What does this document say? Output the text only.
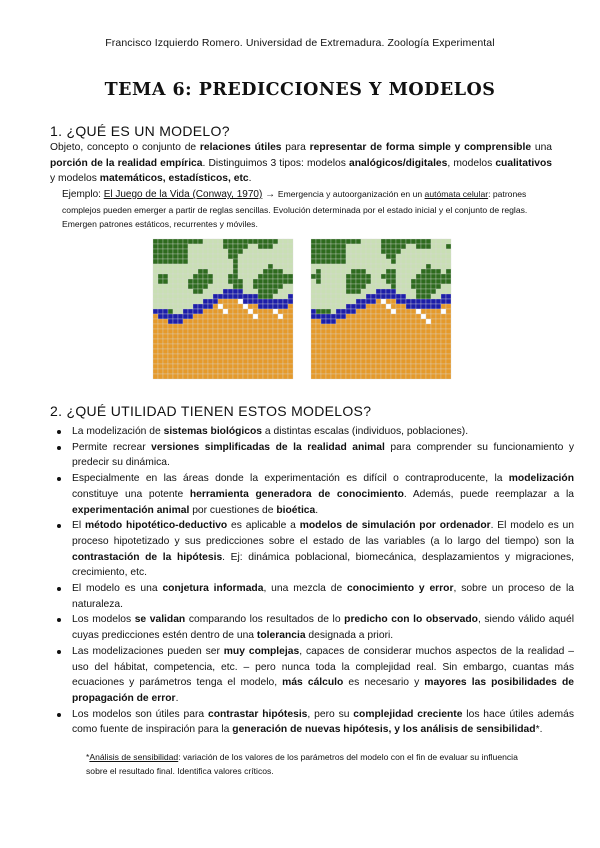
Francisco Izquierdo Romero. Universidad de Extremadura. Zoología Experimental
TEMA 6: PREDICCIONES Y MODELOS
1. ¿QUÉ ES UN MODELO?
Objeto, concepto o conjunto de relaciones útiles para representar de forma simple y comprensible una porción de la realidad empírica. Distinguimos 3 tipos: modelos analógicos/digitales, modelos cualitativos y modelos matemáticos, estadísticos, etc.
Ejemplo: El Juego de la Vida (Conway, 1970) → Emergencia y autoorganización en un autómata celular: patrones complejos pueden emerger a partir de reglas sencillas. Evolución determinada por el estado inicial y el conjunto de reglas. Emergen patrones estáticos, recurrentes y móviles.
2. ¿QUÉ UTILIDAD TIENEN ESTOS MODELOS?
La modelización de sistemas biológicos a distintas escalas (individuos, poblaciones).
Permite recrear versiones simplificadas de la realidad animal para comprender su funcionamiento y predecir su dinámica.
Especialmente en las áreas donde la experimentación es difícil o contraproducente, la modelización constituye una potente herramienta generadora de conocimiento. Además, puede reemplazar a la experimentación animal por cuestiones de bioética.
El método hipotético-deductivo es aplicable a modelos de simulación por ordenador. El modelo es un proceso hipotetizado y sus predicciones sobre el estado de las variables (a lo largo del tiempo) son la contrastación de la hipótesis. Ej: dinámica poblacional, biomecánica, desplazamientos y migraciones, crecimiento, etc.
El modelo es una conjetura informada, una mezcla de conocimiento y error, sobre un proceso de la naturaleza.
Los modelos se validan comparando los resultados de lo predicho con lo observado, siendo válido aquél cuyas predicciones estén dentro de una tolerancia designada a priori.
Las modelizaciones pueden ser muy complejas, capaces de considerar muchos aspectos de la realidad – uso del hábitat, competencia, etc. – pero nunca toda la complejidad real. Sin embargo, cuantas más ecuaciones y parámetros tenga el modelo, más cálculo es necesario y mayores las posibilidades de propagación de error.
Los modelos son útiles para contrastar hipótesis, pero su complejidad creciente los hace útiles además como fuente de inspiración para la generación de nuevas hipótesis, y los análisis de sensibilidad*.
*Análisis de sensibilidad: variación de los valores de los parámetros del modelo con el fin de evaluar su influencia sobre el resultado final. Identifica valores críticos.
